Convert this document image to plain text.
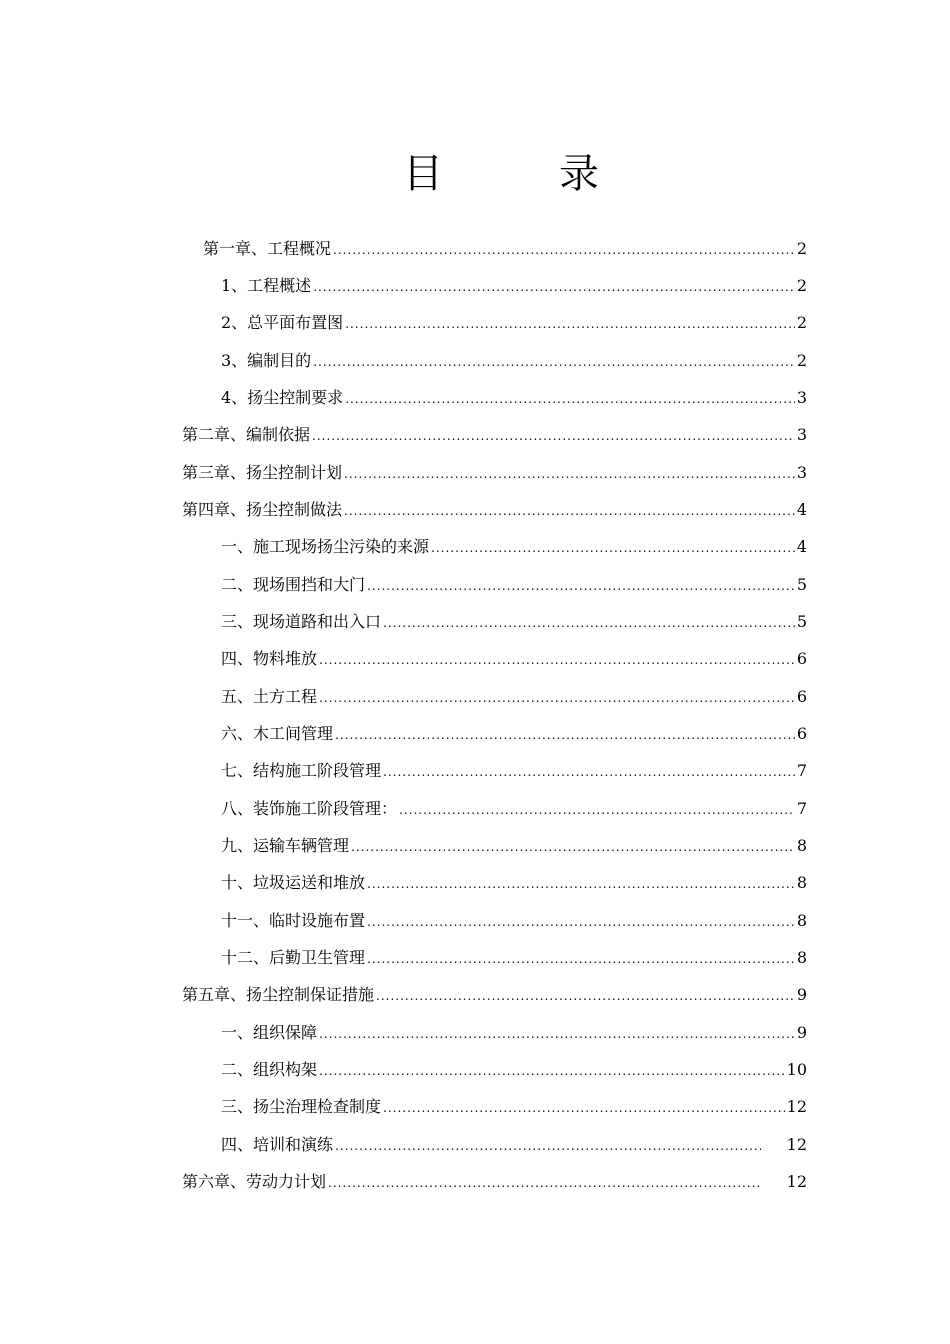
目　录
第一章、工程概况 .....	2
1、工程概述 .....	2
2、总平面布置图 .....	2
3、编制目的 .....	2
4、扬尘控制要求 .....	3
第二章、编制依据 .....	3
第三章、扬尘控制计划 .....	3
第四章、扬尘控制做法 .....	4
一、施工现场扬尘污染的来源 .....	4
二、现场围挡和大门 .....	5
三、现场道路和出入口 .....	5
四、物料堆放 .....	6
五、土方工程 .....	6
六、木工间管理 .....	6
七、结构施工阶段管理 .....	7
八、装饰施工阶段管理： .....	7
九、运输车辆管理 .....	8
十、垃圾运送和堆放 .....	8
十一、临时设施布置 .....	8
十二、后勤卫生管理 .....	8
第五章、扬尘控制保证措施 .....	9
一、组织保障 .....	9
二、组织构架 .....	10
三、扬尘治理检查制度 .....	12
四、培训和演练 .....	12
第六章、劳动力计划 .....	12
